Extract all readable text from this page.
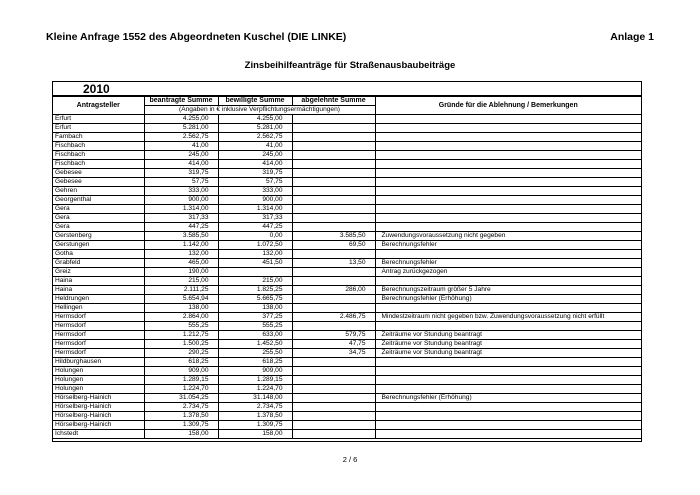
Kleine Anfrage 1552 des Abgeordneten Kuschel (DIE LINKE)	Anlage 1
Zinsbeihilfeanträge für Straßenausbaubeiträge
2010
Antragsteller	beantragte Summe	bewilligte Summe	abgelehnte Summe	Gründe für die Ablehnung / Bemerkungen
(Angaben in € inklusive Verpflichtungsermächtigungen)
Erfurt	4.255,00	4.255,00		
Erfurt	5.281,00	5.281,00		
Fambach	2.562,75	2.562,75		
Fischbach	41,00	41,00		
Fischbach	245,00	245,00		
Fischbach	414,00	414,00		
Gebesee	319,75	319,75		
Gebesee	57,75	57,75		
Gehren	333,00	333,00		
Georgenthal	900,00	900,00		
Gera	1.314,00	1.314,00		
Gera	317,33	317,33		
Gera	447,25	447,25		
Gerstenberg	3.585,50	0,00	3.585,50	Zuwendungsvoraussetzung nicht gegeben
Gerstungen	1.142,00	1.072,50	69,50	Berechnungsfehler
Gotha	132,00	132,00		
Grabfeld	465,00	451,50	13,50	Berechnungsfehler
Greiz	190,00			Antrag zurückgezogen
Haina	215,00	215,00		
Haina	2.111,25	1.825,25	286,00	Berechnungszeitraum größer 5 Jahre
Heldrungen	5.654,94	5.665,75		Berechnungsfehler (Erhöhung)
Hellingen	138,00	138,00		
Hermsdorf	2.864,00	377,25	2.486,75	Mindestzeitraum nicht gegeben bzw. Zuwendungsvoraussetzung nicht erfüllt
Hermsdorf	555,25	555,25		
Hermsdorf	1.212,75	633,00	579,75	Zeiträume vor Stundung beantragt
Hermsdorf	1.500,25	1.452,50	47,75	Zeiträume vor Stundung beantragt
Hermsdorf	290,25	255,50	34,75	Zeiträume vor Stundung beantragt
Hildburghausen	618,25	618,25		
Holungen	909,00	909,00		
Holungen	1.289,15	1.289,15		
Holungen	1.224,70	1.224,70		
Hörselberg-Hainich	31.054,25	31.148,00		Berechnungsfehler (Erhöhung)
Hörselberg-Hainich	2.734,75	2.734,75		
Hörselberg-Hainich	1.378,50	1.378,50		
Hörselberg-Hainich	1.309,75	1.309,75		
Ichstedt	158,00	158,00		
2 / 6
